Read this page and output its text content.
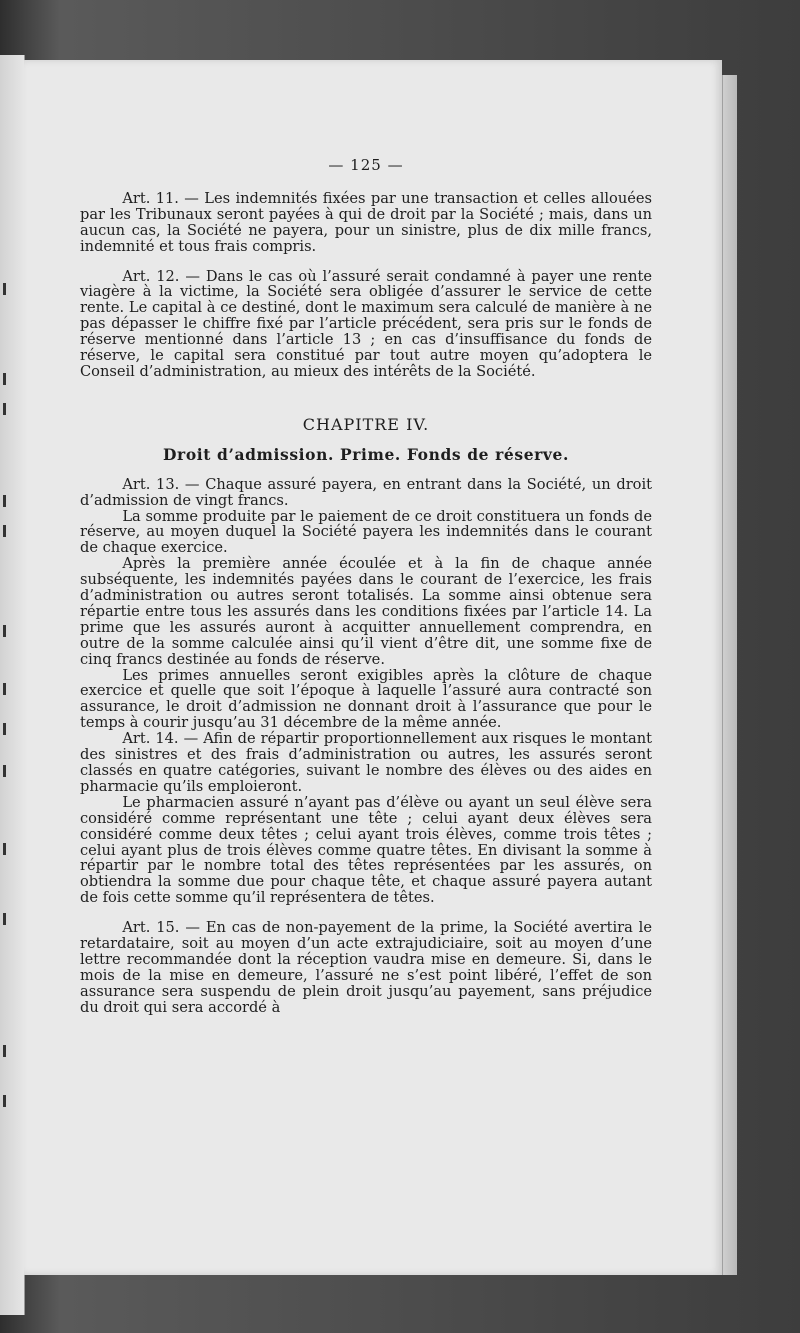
— 125 —

Art. 11. — Les indemnités fixées par une transaction et celles allouées par les Tribunaux seront payées à qui de droit par la Société ; mais, dans un aucun cas, la Société ne payera, pour un sinistre, plus de dix mille francs, indemnité et tous frais compris.

Art. 12. — Dans le cas où l’assuré serait condamné à payer une rente viagère à la victime, la Société sera obligée d’assurer le service de cette rente. Le capital à ce destiné, dont le maximum sera calculé de manière à ne pas dépasser le chiffre fixé par l’article précédent, sera pris sur le fonds de réserve mentionné dans l’article 13 ; en cas d’insuffisance du fonds de réserve, le capital sera constitué par tout autre moyen qu’adoptera le Conseil d’administration, au mieux des intérêts de la Société.

CHAPITRE IV.
Droit d’admission. Prime. Fonds de réserve.

Art. 13. — Chaque assuré payera, en entrant dans la Société, un droit d’admission de vingt francs.

La somme produite par le paiement de ce droit constituera un fonds de réserve, au moyen duquel la Société payera les indemnités dans le courant de chaque exercice.

Après la première année écoulée et à la fin de chaque année subséquente, les indemnités payées dans le courant de l’exercice, les frais d’administration ou autres seront totalisés. La somme ainsi obtenue sera répartie entre tous les assurés dans les conditions fixées par l’article 14. La prime que les assurés auront à acquitter annuellement comprendra, en outre de la somme calculée ainsi qu’il vient d’être dit, une somme fixe de cinq francs destinée au fonds de réserve.

Les primes annuelles seront exigibles après la clôture de chaque exercice et quelle que soit l’époque à laquelle l’assuré aura contracté son assurance, le droit d’admission ne donnant droit à l’assurance que pour le temps à courir jusqu’au 31 décembre de la même année.

Art. 14. — Afin de répartir proportionnellement aux risques le montant des sinistres et des frais d’administration ou autres, les assurés seront classés en quatre catégories, suivant le nombre des élèves ou des aides en pharmacie qu’ils emploieront.

Le pharmacien assuré n’ayant pas d’élève ou ayant un seul élève sera considéré comme représentant une tête ; celui ayant deux élèves sera considéré comme deux têtes ; celui ayant trois élèves, comme trois têtes ; celui ayant plus de trois élèves comme quatre têtes. En divisant la somme à répartir par le nombre total des têtes représentées par les assurés, on obtiendra la somme due pour chaque tête, et chaque assuré payera autant de fois cette somme qu’il représentera de têtes.

Art. 15. — En cas de non-payement de la prime, la Société avertira le retardataire, soit au moyen d’un acte extrajudiciaire, soit au moyen d’une lettre recommandée dont la réception vaudra mise en demeure. Si, dans le mois de la mise en demeure, l’assuré ne s’est point libéré, l’effet de son assurance sera suspendu de plein droit jusqu’au payement, sans préjudice du droit qui sera accordé à
